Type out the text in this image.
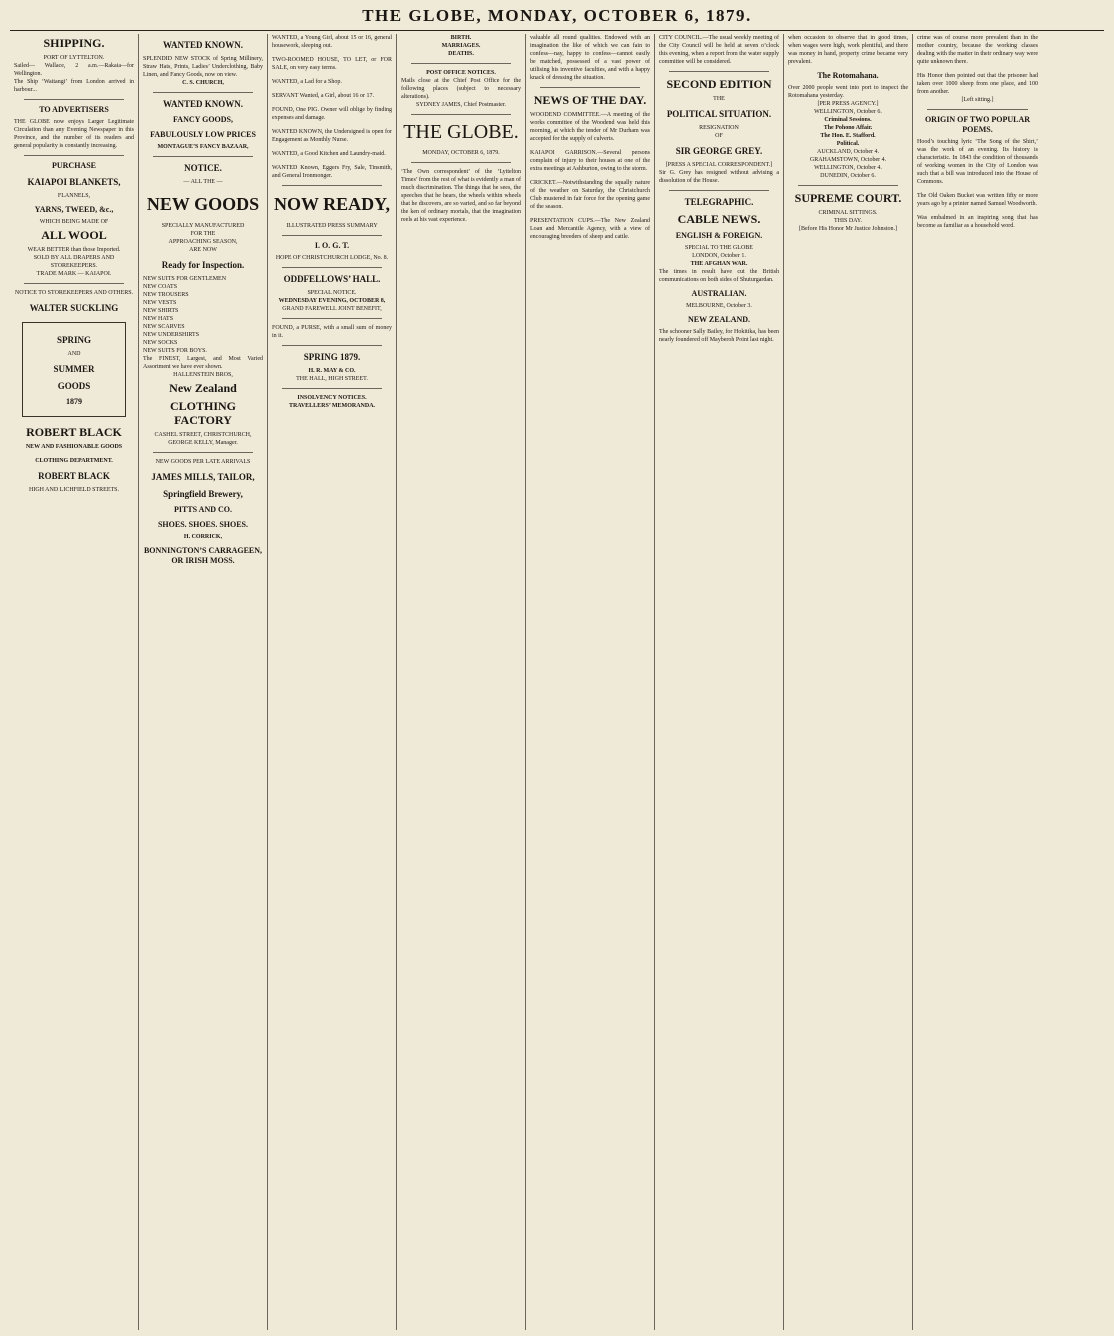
THE GLOBE, MONDAY, OCTOBER 6, 1879.
SHIPPING.
PORT OF LYTTELTON.
Sailed— Wallace, 2 a.m.—Rakaia—for Wellington.
The Ship ‘Waitangi’ from London arrived in harbour...
TO ADVERTISERS
THE GLOBE now enjoys Larger Legitimate Circulation than any Evening Newspaper in this Province, and the number of its readers and general popularity is constantly increasing.
PURCHASE
KAIAPOI BLANKETS,
FLANNELS,
YARNS, TWEED, &c.,
WHICH BEING MADE OF
ALL WOOL
WEAR BETTER than those Imported.
SOLD BY ALL DRAPERS AND STOREKEEPERS.
TRADE MARK — KAIAPOI.
NOTICE TO STOREKEEPERS AND OTHERS.
WALTER SUCKLING
SPRING
AND
SUMMER
GOODS
1879
ROBERT BLACK
NEW AND FASHIONABLE GOODS
CLOTHING DEPARTMENT.
ROBERT BLACK
HIGH AND LICHFIELD STREETS.
WANTED KNOWN.
SPLENDID NEW STOCK of Spring Millinery, Straw Hats, Prints, Ladies’ Underclothing, Baby Linen, and Fancy Goods, now on view.
C. S. CHURCH,
WANTED KNOWN.
FANCY GOODS,
FABULOUSLY LOW PRICES
MONTAGUE’S FANCY BAZAAR,
NOTICE.
— ALL THE —
NEW GOODS
SPECIALLY MANUFACTURED
FOR THE
APPROACHING SEASON,
ARE NOW
Ready for Inspection.
NEW SUITS FOR GENTLEMEN
NEW COATS
NEW TROUSERS
NEW VESTS
NEW SHIRTS
NEW HATS
NEW SCARVES
NEW UNDERSHIRTS
NEW SOCKS
NEW SUITS FOR BOYS.
The FINEST, Largest, and Most Varied Assortment we have ever shown.
HALLENSTEIN BROS,
New Zealand
CLOTHING FACTORY
CASHEL STREET, CHRISTCHURCH,
GEORGE KELLY, Manager.
NEW GOODS PER LATE ARRIVALS
JAMES MILLS, TAILOR,
Springfield Brewery,
PITTS AND CO.
SHOES. SHOES. SHOES.
H. CORRICK,
BONNINGTON’S CARRAGEEN, OR IRISH MOSS.
WANTED, a Young Girl, about 15 or 16, general housework, sleeping out.
TWO-ROOMED HOUSE, TO LET, or FOR SALE, on very easy terms.
WANTED, a Lad for a Shop.
SERVANT Wanted, a Girl, about 16 or 17.
FOUND, One PIG. Owner will oblige by finding expenses and damage.
WANTED KNOWN, the Undersigned is open for Engagement as Monthly Nurse.
WANTED, a Good Kitchen and Laundry-maid.
WANTED Known, Eggers Fry, Sale, Tinsmith, and General Ironmonger.
NOW READY,
ILLUSTRATED PRESS SUMMARY
I. O. G. T.
HOPE OF CHRISTCHURCH LODGE, No. 8.
ODDFELLOWS’ HALL.
SPECIAL NOTICE.
WEDNESDAY EVENING, OCTOBER 8,
GRAND FAREWELL JOINT BENEFIT,
FOUND, a PURSE, with a small sum of money in it.
SPRING 1879.
H. R. MAY & CO.
THE HALL, HIGH STREET.
INSOLVENCY NOTICES.
TRAVELLERS’ MEMORANDA.
BIRTH.
MARRIAGES.
DEATHS.
POST OFFICE NOTICES.
Mails close at the Chief Post Office for the following places (subject to necessary alterations).
SYDNEY JAMES, Chief Postmaster.
THE GLOBE.
MONDAY, OCTOBER 6, 1879.
‘The Own correspondent’ of the ‘Lyttelton Times’ from the rest of what is evidently a man of much discrimination. The things that he sees, the speeches that he hears, the wheels within wheels that he discovers, are so varied, and so far beyond the ken of ordinary mortals, that the imagination reels at his vast experience.
valuable all round qualities. Endowed with an imagination the like of which we can fain to confess—nay, happy to confess—cannot easily be matched, possessed of a vast power of utilising his inventive faculties, and with a happy knack of dressing the situation.
NEWS OF THE DAY.
WOODEND COMMITTEE.—A meeting of the works committee of the Woodend was held this morning, at which the tender of Mr Durham was accepted for the supply of culverts.
KAIAPOI GARRISON.—Several persons complain of injury to their houses at one of the extra meetings at Ashburton, owing to the storm.
CRICKET.—Notwithstanding the squally nature of the weather on Saturday, the Christchurch Club mustered in fair force for the opening game of the season.
PRESENTATION CUPS.—The New Zealand Loan and Mercantile Agency, with a view of encouraging breeders of sheep and cattle.
CITY COUNCIL.—The usual weekly meeting of the City Council will be held at seven o’clock this evening, when a report from the water supply committee will be considered.
SECOND EDITION
THE
POLITICAL SITUATION.
RESIGNATION
OF
SIR GEORGE GREY.
[PRESS A SPECIAL CORRESPONDENT.]
Sir G. Grey has resigned without advising a dissolution of the House.
TELEGRAPHIC.
CABLE NEWS.
ENGLISH & FOREIGN.
SPECIAL TO THE GLOBE
LONDON, October 1.
THE AFGHAN WAR.
The times in result have cut the British communications on both sides of Shuturgardan.
AUSTRALIAN.
MELBOURNE, October 3.
NEW ZEALAND.
The schooner Sally Bailey, for Hokitika, has been nearly foundered off Mayberoh Point last night.
when occasion to observe that in good times, when wages were high, work plentiful, and there was money in hand, property crime became very prevalent.
The Rotomahana.
Over 2000 people went into port to inspect the Rotomahana yesterday.
[PER PRESS AGENCY.]
WELLINGTON, October 6.
Criminal Sessions.
The Pohono Affair.
The Hon. E. Stafford.
Political.
AUCKLAND, October 4.
GRAHAMSTOWN, October 4.
WELLINGTON, October 4.
DUNEDIN, October 6.
SUPREME COURT.
CRIMINAL SITTINGS.
THIS DAY.
[Before His Honor Mr Justice Johnston.]
crime was of course more prevalent than in the mother country, because the working classes dealing with the matter in their ordinary way were quite unknown there.
His Honor then pointed out that the prisoner had taken over 1000 sheep from one place, and 100 from another.
[Left sitting.]
ORIGIN OF TWO POPULAR POEMS.
Hood’s touching lyric ‘The Song of the Shirt,’ was the work of an evening. Its history is characteristic. In 1843 the condition of thousands of working women in the City of London was such that a bill was introduced into the House of Commons.
The Old Oaken Bucket was written fifty or more years ago by a printer named Samuel Woodworth.
Was embalmed in an inspiring song that has become as familiar as a household word.
